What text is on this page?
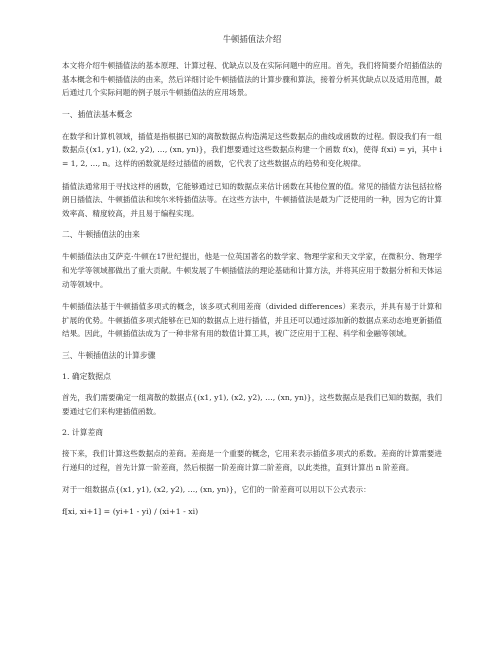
牛顿插值法介绍

本文将介绍牛顿插值法的基本原理、计算过程、优缺点以及在实际问题中的应用。首先，我们将简要介绍插值法的基本概念和牛顿插值法的由来，然后详细讨论牛顿插值法的计算步骤和算法，接着分析其优缺点以及适用范围，最后通过几个实际问题的例子展示牛顿插值法的应用场景。

一、插值法基本概念

在数学和计算机领域，插值是指根据已知的离散数据点构造满足这些数据点的曲线或函数的过程。假设我们有一组数据点{(x1, y1), (x2, y2), …, (xn, yn)}，我们想要通过这些数据点构建一个函数 f(x)，使得 f(xi) = yi，其中 i = 1, 2, …, n。这样的函数就是经过插值的函数，它代表了这些数据点的趋势和变化规律。

插值法通常用于寻找这样的函数，它能够通过已知的数据点来估计函数在其他位置的值。常见的插值方法包括拉格朗日插值法、牛顿插值法和埃尔米特插值法等。在这些方法中，牛顿插值法是最为广泛使用的一种，因为它的计算效率高、精度较高，并且易于编程实现。

二、牛顿插值法的由来

牛顿插值法由艾萨克·牛顿在17世纪提出，他是一位英国著名的数学家、物理学家和天文学家，在微积分、物理学和光学等领域都做出了重大贡献。牛顿发展了牛顿插值法的理论基础和计算方法，并将其应用于数据分析和天体运动等领域中。

牛顿插值法基于牛顿插值多项式的概念，该多项式利用差商（divided differences）来表示，并具有易于计算和扩展的优势。牛顿插值多项式能够在已知的数据点上进行插值，并且还可以通过添加新的数据点来动态地更新插值结果。因此，牛顿插值法成为了一种非常有用的数值计算工具，被广泛应用于工程、科学和金融等领域。

三、牛顿插值法的计算步骤
1. 确定数据点

首先，我们需要确定一组离散的数据点{(x1, y1), (x2, y2), …, (xn, yn)}，这些数据点是我们已知的数据，我们要通过它们来构建插值函数。

2. 计算差商

接下来，我们计算这些数据点的差商。差商是一个重要的概念，它用来表示插值多项式的系数。差商的计算需要进行递归的过程，首先计算一阶差商，然后根据一阶差商计算二阶差商，以此类推，直到计算出 n 阶差商。

对于一组数据点{(x1, y1), (x2, y2), …, (xn, yn)}，它们的一阶差商可以用以下公式表示：

f[xi, xi+1] = (yi+1 - yi) / (xi+1 - xi)
